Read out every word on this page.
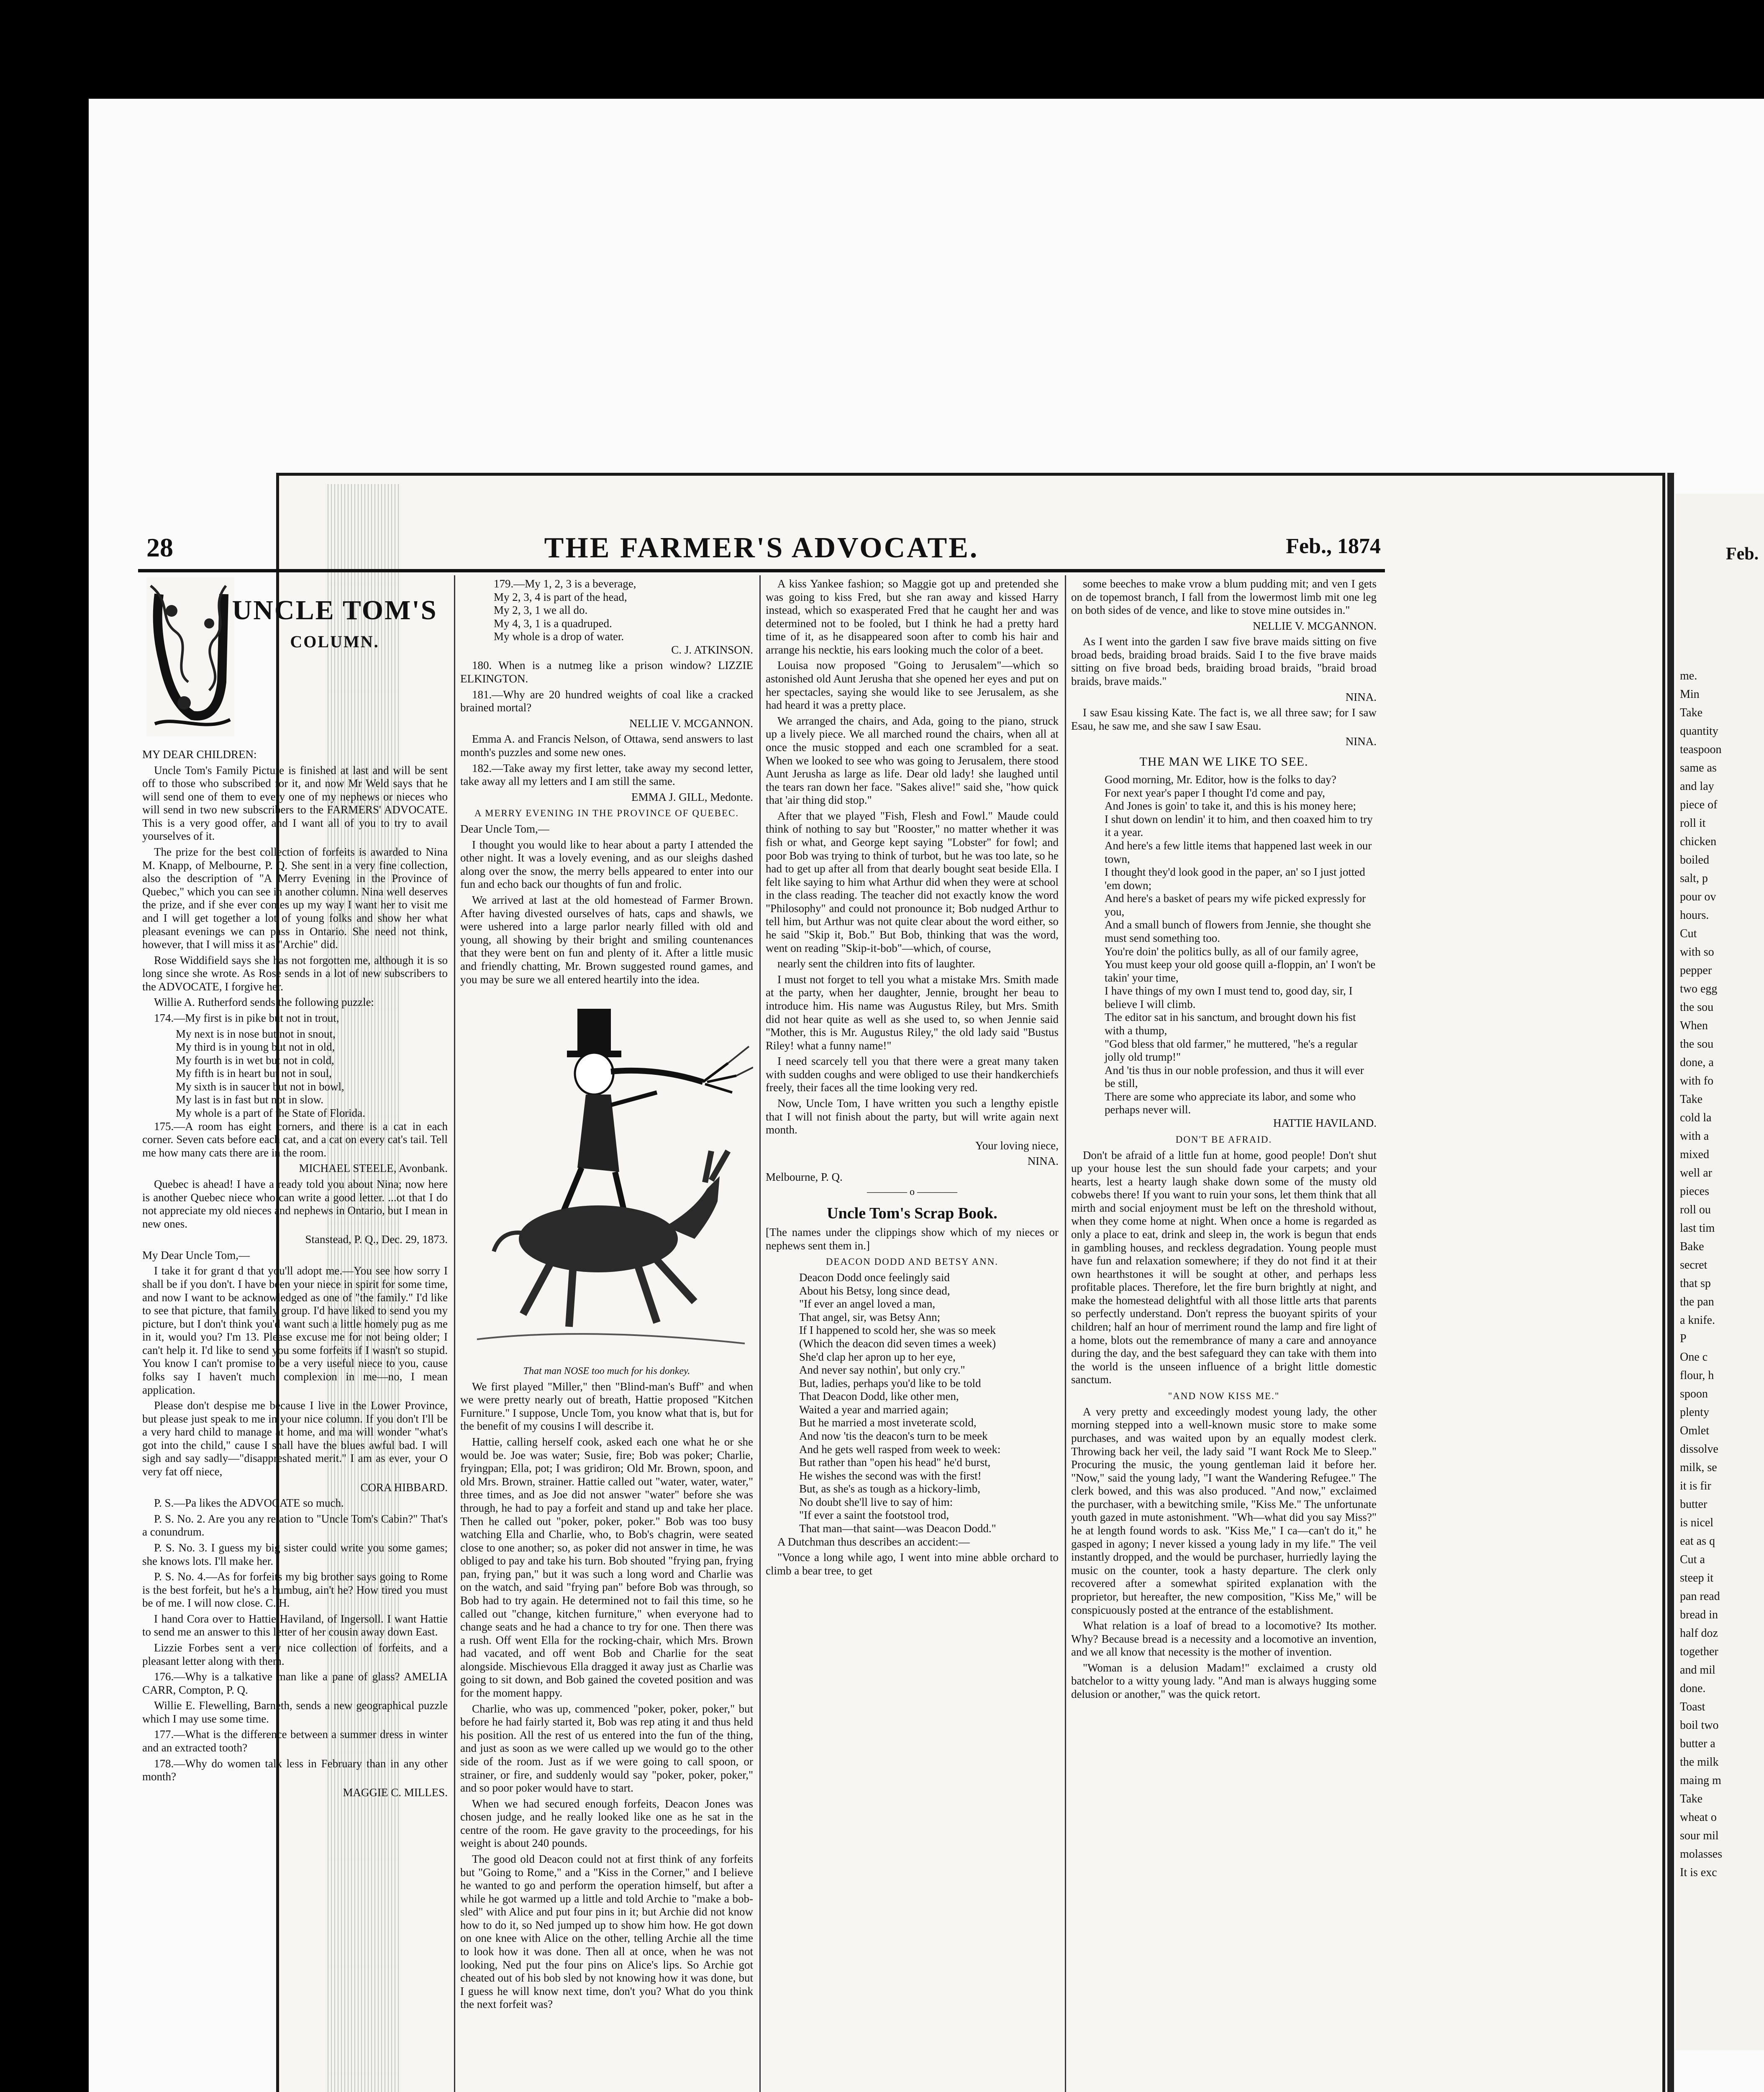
Feb.

me.

Min

Take

quantity

teaspoon

same as

and lay

piece of

roll it

chicken

boiled

salt, p

pour ov

hours.

Cut

with so

pepper

two egg

the sou

When

the sou

done, a

with fo

Take

cold la

with a

mixed

well ar

pieces

roll ou

last tim

Bake

secret

that sp

the pan

a knife.

P

One c

flour, h

spoon

plenty

Omlet

dissolve

milk, se

it is fir

butter

is nicel

eat as q

Cut a

steep it

pan read

bread in

half doz

together

and mil

done.

Toast

boil two

butter a

the milk

maing m

Take

wheat o

sour mil

molasses

It is exc

28	THE FARMER'S ADVOCATE.	Feb., 1874
UNCLE TOM'S
COLUMN.

MY DEAR CHILDREN:

Uncle Tom's Family Picture is finished at last and will be sent off to those who subscribed for it, and now Mr Weld says that he will send one of them to every one of my nephews or nieces who will send in two new subscribers to the FARMERS' ADVOCATE. This is a very good offer, and I want all of you to try to avail yourselves of it.

The prize for the best collection of forfeits is awarded to Nina M. Knapp, of Melbourne, P. Q. She sent in a very fine collection, also the description of "A Merry Evening in the Province of Quebec," which you can see in another column. Nina well deserves the prize, and if she ever comes up my way I want her to visit me and I will get together a lot of young folks and show her what pleasant evenings we can pass in Ontario. She need not think, however, that I will miss it as "Archie" did.

Rose Widdifield says she has not forgotten me, although it is so long since she wrote. As Rose sends in a lot of new subscribers to the ADVOCATE, I forgive her.

Willie A. Rutherford sends the following puzzle:

174.—My first is in pike but not in trout,

My next is in nose but not in snout,

My third is in young but not in old,

My fourth is in wet but not in cold,

My fifth is in heart but not in soul,

My sixth is in saucer but not in bowl,

My last is in fast but not in slow.

My whole is a part of the State of Florida.

175.—A room has eight corners, and there is a cat in each corner. Seven cats before each cat, and a cat on every cat's tail. Tell me how many cats there are in the room.

MICHAEL STEELE, Avonbank.

Quebec is ahead! I have a ready told you about Nina; now here is another Quebec niece who can write a good letter. ...ot that I do not appreciate my old nieces and nephews in Ontario, but I mean in new ones.

Stanstead, P. Q., Dec. 29, 1873.

My Dear Uncle Tom,—

I take it for grant d that you'll adopt me.—You see how sorry I shall be if you don't. I have been your niece in spirit for some time, and now I want to be acknowledged as one of "the family." I'd like to see that picture, that family group. I'd have liked to send you my picture, but I don't think you'd want such a little homely pug as me in it, would you? I'm 13. Please excuse me for not being older; I can't help it. I'd like to send you some forfeits if I wasn't so stupid. You know I can't promise to be a very useful niece to you, cause folks say I haven't much complexion in me—no, I mean application.

Please don't despise me because I live in the Lower Province, but please just speak to me in your nice column. If you don't I'll be a very hard child to manage at home, and ma will wonder "what's got into the child," cause I shall have the blues awful bad. I will sigh and say sadly—"disappreshated merit." I am as ever, your O very fat off niece,

CORA HIBBARD.

P. S.—Pa likes the ADVOCATE so much.

P. S. No. 2. Are you any relation to "Uncle Tom's Cabin?" That's a conundrum.

P. S. No. 3. I guess my big sister could write you some games; she knows lots. I'll make her.

P. S. No. 4.—As for forfeits my big brother says going to Rome is the best forfeit, but he's a humbug, ain't he? How tired you must be of me. I will now close. C. H.

I hand Cora over to Hattie Haviland, of Ingersoll. I want Hattie to send me an answer to this letter of her cousin away down East.

Lizzie Forbes sent a very nice collection of forfeits, and a pleasant letter along with them.

176.—Why is a talkative man like a pane of glass? AMELIA CARR, Compton, P. Q.

Willie E. Flewelling, Barneth, sends a new geographical puzzle which I may use some time.

177.—What is the difference between a summer dress in winter and an extracted tooth?

178.—Why do women talk less in February than in any other month?

MAGGIE C. MILLES.

179.—My 1, 2, 3 is a beverage,

My 2, 3, 4 is part of the head,

My 2, 3, 1 we all do.

My 4, 3, 1 is a quadruped.

My whole is a drop of water.

C. J. ATKINSON.

180. When is a nutmeg like a prison window? LIZZIE ELKINGTON.

181.—Why are 20 hundred weights of coal like a cracked brained mortal?

NELLIE V. MCGANNON.

Emma A. and Francis Nelson, of Ottawa, send answers to last month's puzzles and some new ones.

182.—Take away my first letter, take away my second letter, take away all my letters and I am still the same.

EMMA J. GILL, Medonte.

A MERRY EVENING IN THE PROVINCE OF QUEBEC.

Dear Uncle Tom,—

I thought you would like to hear about a party I attended the other night. It was a lovely evening, and as our sleighs dashed along over the snow, the merry bells appeared to enter into our fun and echo back our thoughts of fun and frolic.

We arrived at last at the old homestead of Farmer Brown. After having divested ourselves of hats, caps and shawls, we were ushered into a large parlor nearly filled with old and young, all showing by their bright and smiling countenances that they were bent on fun and plenty of it. After a little music and friendly chatting, Mr. Brown suggested round games, and you may be sure we all entered heartily into the idea.

That man NOSE too much for his donkey.

We first played "Miller," then "Blind-man's Buff" and when we were pretty nearly out of breath, Hattie proposed "Kitchen Furniture." I suppose, Uncle Tom, you know what that is, but for the benefit of my cousins I will describe it.

Hattie, calling herself cook, asked each one what he or she would be. Joe was water; Susie, fire; Bob was poker; Charlie, fryingpan; Ella, pot; I was gridiron; Old Mr. Brown, spoon, and old Mrs. Brown, strainer. Hattie called out "water, water, water," three times, and as Joe did not answer "water" before she was through, he had to pay a forfeit and stand up and take her place. Then he called out "poker, poker, poker." Bob was too busy watching Ella and Charlie, who, to Bob's chagrin, were seated close to one another; so, as poker did not answer in time, he was obliged to pay and take his turn. Bob shouted "frying pan, frying pan, frying pan," but it was such a long word and Charlie was on the watch, and said "frying pan" before Bob was through, so Bob had to try again. He determined not to fail this time, so he called out "change, kitchen furniture," when everyone had to change seats and he had a chance to try for one. Then there was a rush. Off went Ella for the rocking-chair, which Mrs. Brown had vacated, and off went Bob and Charlie for the seat alongside. Mischievous Ella dragged it away just as Charlie was going to sit down, and Bob gained the coveted position and was for the moment happy.

Charlie, who was up, commenced "poker, poker, poker," but before he had fairly started it, Bob was rep ating it and thus held his position. All the rest of us entered into the fun of the thing, and just as soon as we were called up we would go to the other side of the room. Just as if we were going to call spoon, or strainer, or fire, and suddenly would say "poker, poker, poker," and so poor poker would have to start.

When we had secured enough forfeits, Deacon Jones was chosen judge, and he really looked like one as he sat in the centre of the room. He gave gravity to the proceedings, for his weight is about 240 pounds.

The good old Deacon could not at first think of any forfeits but "Going to Rome," and a "Kiss in the Corner," and I believe he wanted to go and perform the operation himself, but after a while he got warmed up a little and told Archie to "make a bob-sled" with Alice and put four pins in it; but Archie did not know how to do it, so Ned jumped up to show him how. He got down on one knee with Alice on the other, telling Archie all the time to look how it was done. Then all at once, when he was not looking, Ned put the four pins on Alice's lips. So Archie got cheated out of his bob sled by not knowing how it was done, but I guess he will know next time, don't you? What do you think the next forfeit was?

A kiss Yankee fashion; so Maggie got up and pretended she was going to kiss Fred, but she ran away and kissed Harry instead, which so exasperated Fred that he caught her and was determined not to be fooled, but I think he had a pretty hard time of it, as he disappeared soon after to comb his hair and arrange his necktie, his ears looking much the color of a beet.

Louisa now proposed "Going to Jerusalem"—which so astonished old Aunt Jerusha that she opened her eyes and put on her spectacles, saying she would like to see Jerusalem, as she had heard it was a pretty place.

We arranged the chairs, and Ada, going to the piano, struck up a lively piece. We all marched round the chairs, when all at once the music stopped and each one scrambled for a seat. When we looked to see who was going to Jerusalem, there stood Aunt Jerusha as large as life. Dear old lady! she laughed until the tears ran down her face. "Sakes alive!" said she, "how quick that 'air thing did stop."

After that we played "Fish, Flesh and Fowl." Maude could think of nothing to say but "Rooster," no matter whether it was fish or what, and George kept saying "Lobster" for fowl; and poor Bob was trying to think of turbot, but he was too late, so he had to get up after all from that dearly bought seat beside Ella. I felt like saying to him what Arthur did when they were at school in the class reading. The teacher did not exactly know the word "Philosophy" and could not pronounce it; Bob nudged Arthur to tell him, but Arthur was not quite clear about the word either, so he said "Skip it, Bob." But Bob, thinking that was the word, went on reading "Skip-it-bob"—which, of course,

nearly sent the children into fits of laughter.

I must not forget to tell you what a mistake Mrs. Smith made at the party, when her daughter, Jennie, brought her beau to introduce him. His name was Augustus Riley, but Mrs. Smith did not hear quite as well as she used to, so when Jennie said "Mother, this is Mr. Augustus Riley," the old lady said "Bustus Riley! what a funny name!"

I need scarcely tell you that there were a great many taken with sudden coughs and were obliged to use their handkerchiefs freely, their faces all the time looking very red.

Now, Uncle Tom, I have written you such a lengthy epistle that I will not finish about the party, but will write again next month.

Your loving niece,

NINA.

Melbourne, P. Q.

———— o ————
Uncle Tom's Scrap Book.

[The names under the clippings show which of my nieces or nephews sent them in.]

DEACON DODD AND BETSY ANN.

Deacon Dodd once feelingly said

About his Betsy, long since dead,

"If ever an angel loved a man,

That angel, sir, was Betsy Ann;

If I happened to scold her, she was so meek

(Which the deacon did seven times a week)

She'd clap her apron up to her eye,

And never say nothin', but only cry."

But, ladies, perhaps you'd like to be told

That Deacon Dodd, like other men,

Waited a year and married again;

But he married a most inveterate scold,

And now 'tis the deacon's turn to be meek

And he gets well rasped from week to week:

But rather than "open his head" he'd burst,

He wishes the second was with the first!

But, as she's as tough as a hickory-limb,

No doubt she'll live to say of him:

"If ever a saint the footstool trod,

That man—that saint—was Deacon Dodd."

A Dutchman thus describes an accident:—

"Vonce a long while ago, I went into mine abble orchard to climb a bear tree, to get

some beeches to make vrow a blum pudding mit; and ven I gets on de topemost branch, I fall from the lowermost limb mit one leg on both sides of de vence, and like to stove mine outsides in."

NELLIE V. MCGANNON.

As I went into the garden I saw five brave maids sitting on five broad beds, braiding broad braids. Said I to the five brave maids sitting on five broad beds, braiding broad braids, "braid broad braids, brave maids."

NINA.

I saw Esau kissing Kate. The fact is, we all three saw; for I saw Esau, he saw me, and she saw I saw Esau.

NINA.

THE MAN WE LIKE TO SEE.

Good morning, Mr. Editor, how is the folks to day?

For next year's paper I thought I'd come and pay,

And Jones is goin' to take it, and this is his money here;

I shut down on lendin' it to him, and then coaxed him to try it a year.

And here's a few little items that happened last week in our town,

I thought they'd look good in the paper, an' so I just jotted 'em down;

And here's a basket of pears my wife picked expressly for you,

And a small bunch of flowers from Jennie, she thought she must send something too.

You're doin' the politics bully, as all of our family agree,

You must keep your old goose quill a-floppin, an' I won't be takin' your time,

I have things of my own I must tend to, good day, sir, I believe I will climb.

The editor sat in his sanctum, and brought down his fist with a thump,

"God bless that old farmer," he muttered, "he's a regular jolly old trump!"

And 'tis thus in our noble profession, and thus it will ever be still,

There are some who appreciate its labor, and some who perhaps never will.

HATTIE HAVILAND.

DON'T BE AFRAID.

Don't be afraid of a little fun at home, good people! Don't shut up your house lest the sun should fade your carpets; and your hearts, lest a hearty laugh shake down some of the musty old cobwebs there! If you want to ruin your sons, let them think that all mirth and social enjoyment must be left on the threshold without, when they come home at night. When once a home is regarded as only a place to eat, drink and sleep in, the work is begun that ends in gambling houses, and reckless degradation. Young people must have fun and relaxation somewhere; if they do not find it at their own hearthstones it will be sought at other, and perhaps less profitable places. Therefore, let the fire burn brightly at night, and make the homestead delightful with all those little arts that parents so perfectly understand. Don't repress the buoyant spirits of your children; half an hour of merriment round the lamp and fire light of a home, blots out the remembrance of many a care and annoyance during the day, and the best safeguard they can take with them into the world is the unseen influence of a bright little domestic sanctum.

"AND NOW KISS ME."

A very pretty and exceedingly modest young lady, the other morning stepped into a well-known music store to make some purchases, and was waited upon by an equally modest clerk. Throwing back her veil, the lady said "I want Rock Me to Sleep." Procuring the music, the young gentleman laid it before her. "Now," said the young lady, "I want the Wandering Refugee." The clerk bowed, and this was also produced. "And now," exclaimed the purchaser, with a bewitching smile, "Kiss Me." The unfortunate youth gazed in mute astonishment. "Wh—what did you say Miss?" he at length found words to ask. "Kiss Me," I ca—can't do it," he gasped in agony; I never kissed a young lady in my life." The veil instantly dropped, and the would be purchaser, hurriedly laying the music on the counter, took a hasty departure. The clerk only recovered after a somewhat spirited explanation with the proprietor, but hereafter, the new composition, "Kiss Me," will be conspicuously posted at the entrance of the establishment.

What relation is a loaf of bread to a locomotive? Its mother. Why? Because bread is a necessity and a locomotive an invention, and we all know that necessity is the mother of invention.

"Woman is a delusion Madam!" exclaimed a crusty old batchelor to a witty young lady. "And man is always hugging some delusion or another," was the quick retort.
